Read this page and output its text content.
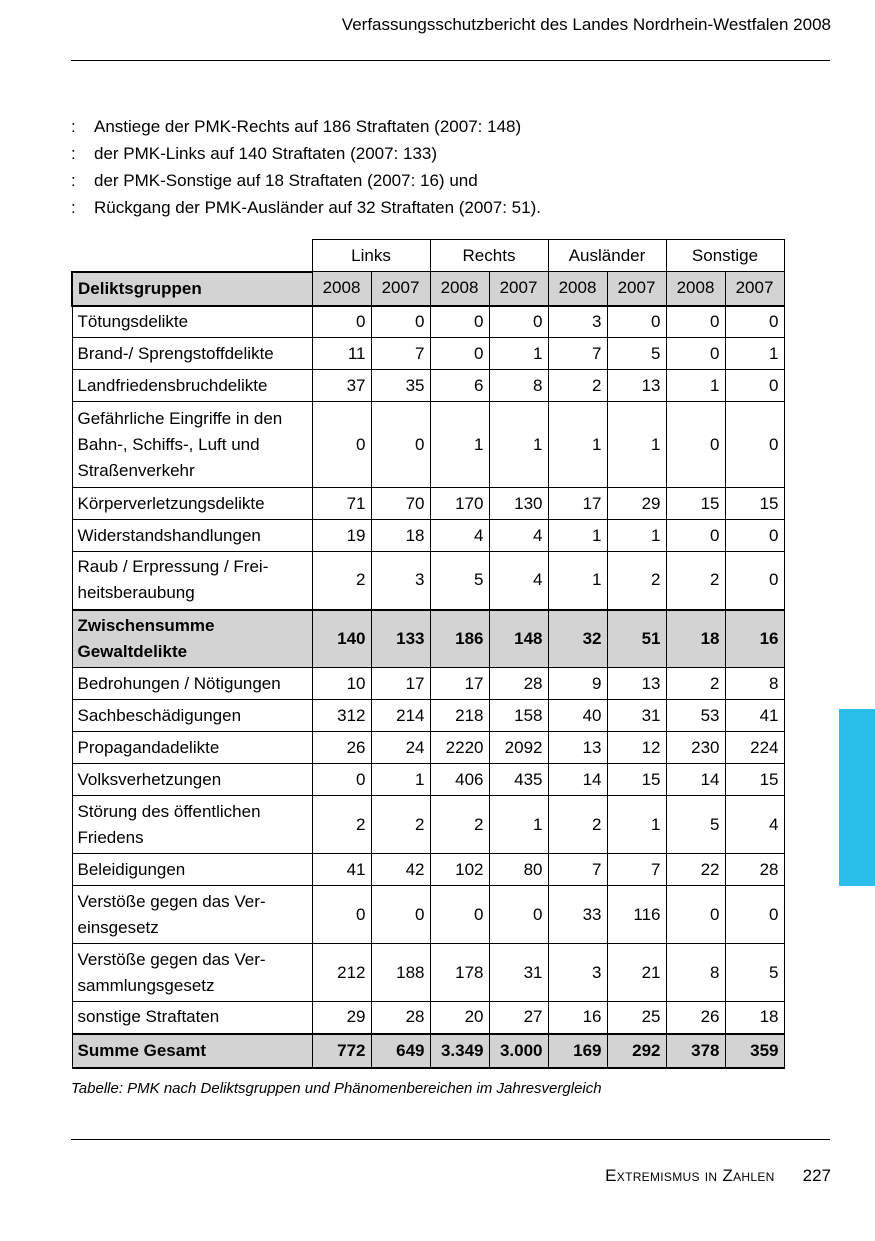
Verfassungsschutzbericht des Landes Nordrhein-Westfalen 2008
:	Anstiege der PMK-Rechts auf 186 Straftaten (2007: 148)
:	der PMK-Links auf 140 Straftaten (2007: 133)
:	der PMK-Sonstige auf 18 Straftaten (2007: 16) und
:	Rückgang der PMK-Ausländer auf 32 Straftaten (2007: 51).
	Links		Rechts		Ausländer		Sonstige	
Deliktsgruppen	2008	2007	2008	2007	2008	2007	2008	2007
Tötungsdelikte	0	0	0	0	3	0	0	0
Brand-/ Sprengstoffdelikte	11	7	0	1	7	5	0	1
Landfriedensbruchdelikte	37	35	6	8	2	13	1	0
Gefährliche Eingriffe in den Bahn-, Schiffs-, Luft und Straßenverkehr	0	0	1	1	1	1	0	0
Körperverletzungsdelikte	71	70	170	130	17	29	15	15
Widerstandshandlungen	19	18	4	4	1	1	0	0
Raub / Erpressung / Frei-heitsberaubung	2	3	5	4	1	2	2	0
Zwischensumme Gewaltdelikte	140	133	186	148	32	51	18	16
Bedrohungen / Nötigungen	10	17	17	28	9	13	2	8
Sachbeschädigungen	312	214	218	158	40	31	53	41
Propagandadelikte	26	24	2220	2092	13	12	230	224
Volksverhetzungen	0	1	406	435	14	15	14	15
Störung des öffentlichen Friedens	2	2	2	1	2	1	5	4
Beleidigungen	41	42	102	80	7	7	22	28
Verstöße gegen das Ver-einsgesetz	0	0	0	0	33	116	0	0
Verstöße gegen das Ver-sammlungsgesetz	212	188	178	31	3	21	8	5
sonstige Straftaten	29	28	20	27	16	25	26	18
Summe Gesamt	772	649	3.349	3.000	169	292	378	359
Tabelle: PMK nach Deliktsgruppen und Phänomenbereichen im Jahresvergleich
Extremismus in Zahlen 227
